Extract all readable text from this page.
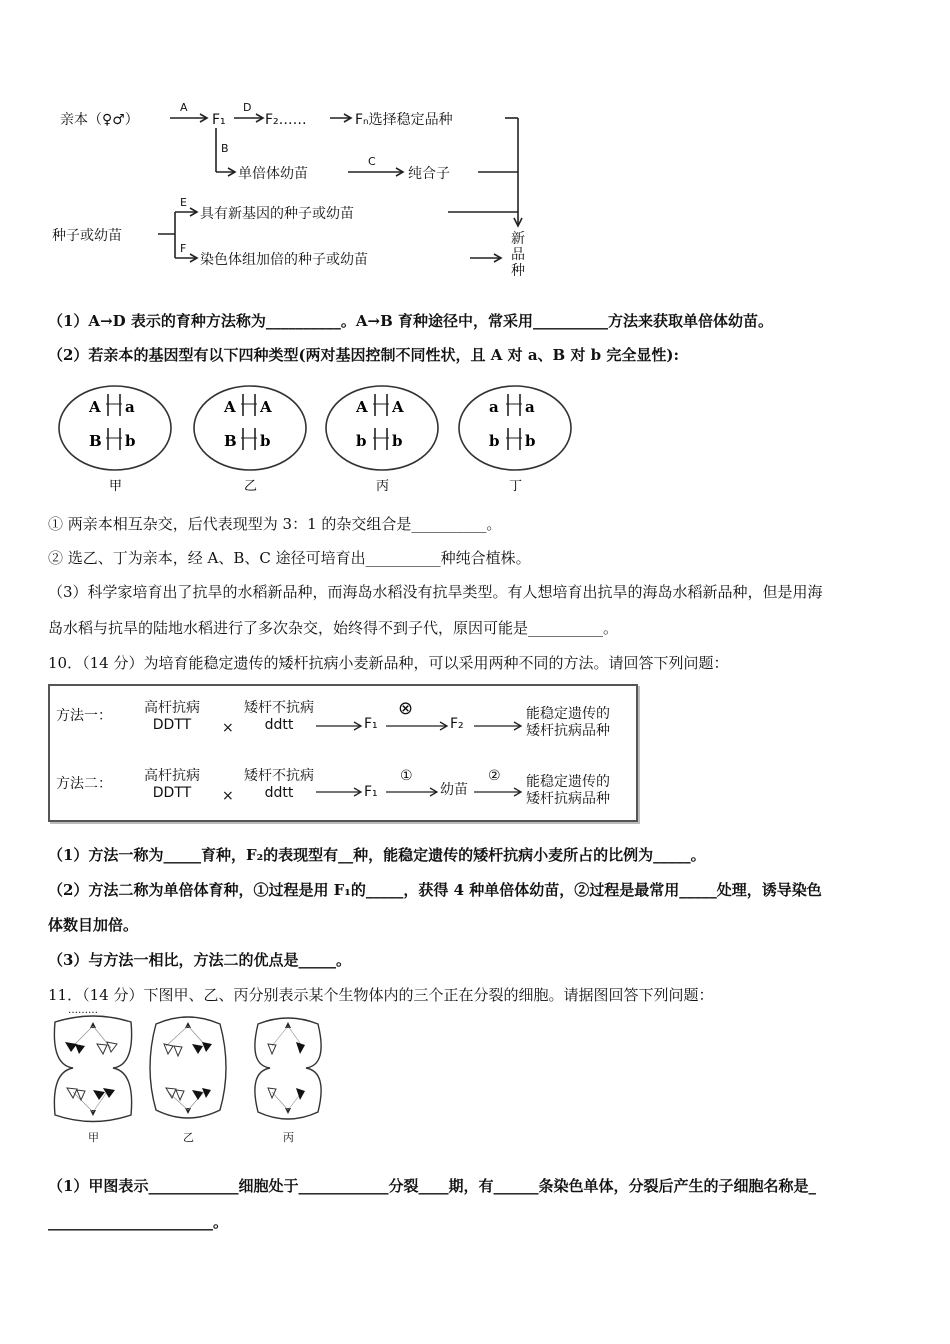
亲本（♀♂）
A
F₁
D
F₂……	Fₙ选择稳定品种
B
单倍体幼苗
C
纯合子
种子或幼苗
E
具有新基因的种子或幼苗
F
染色体组加倍的种子或幼苗
新
品
种
（1）A→D 表示的育种方法称为__________。A→B 育种途径中，常采用__________方法来获取单倍体幼苗。
（2）若亲本的基因型有以下四种类型(两对基因控制不同性状，且 A 对 a、B 对 b 完全显性):
A a
B b
甲
A A
B b
乙
A A
b b
丙
a a
b b
丁
① 两亲本相互杂交，后代表现型为 3：1 的杂交组合是__________。
② 选乙、丁为亲本，经 A、B、C 途径可培育出__________种纯合植株。
（3）科学家培育出了抗旱的水稻新品种，而海岛水稻没有抗旱类型。有人想培育出抗旱的海岛水稻新品种，但是用海
岛水稻与抗旱的陆地水稻进行了多次杂交，始终得不到子代，原因可能是__________。
10．（14 分）为培育能稳定遗传的矮杆抗病小麦新品种，可以采用两种不同的方法。请回答下列问题：
方法一：	高杆抗病
DDTT	×
矮杆不抗病
ddtt	F₁
⊗
F₂
能稳定遗传的
矮杆抗病品种
方法二：	高杆抗病
DDTT	×
矮杆不抗病
ddtt	F₁
①
幼苗
② 能稳定遗传的
矮杆抗病品种
（1）方法一称为_____育种，F₂的表现型有__种，能稳定遗传的矮杆抗病小麦所占的比例为_____。
（2）方法二称为单倍体育种，①过程是用 F₁的_____，获得 4 种单倍体幼苗，②过程是最常用_____处理，诱导染色
体数目加倍。
（3）与方法一相比，方法二的优点是_____。
11．（14 分）下图甲、乙、丙分别表示某个生物体内的三个正在分裂的细胞。请据图回答下列问题：
………
甲	乙	丙
（1）甲图表示____________细胞处于____________分裂____期，有______条染色单体，分裂后产生的子细胞名称是_
______________________。
